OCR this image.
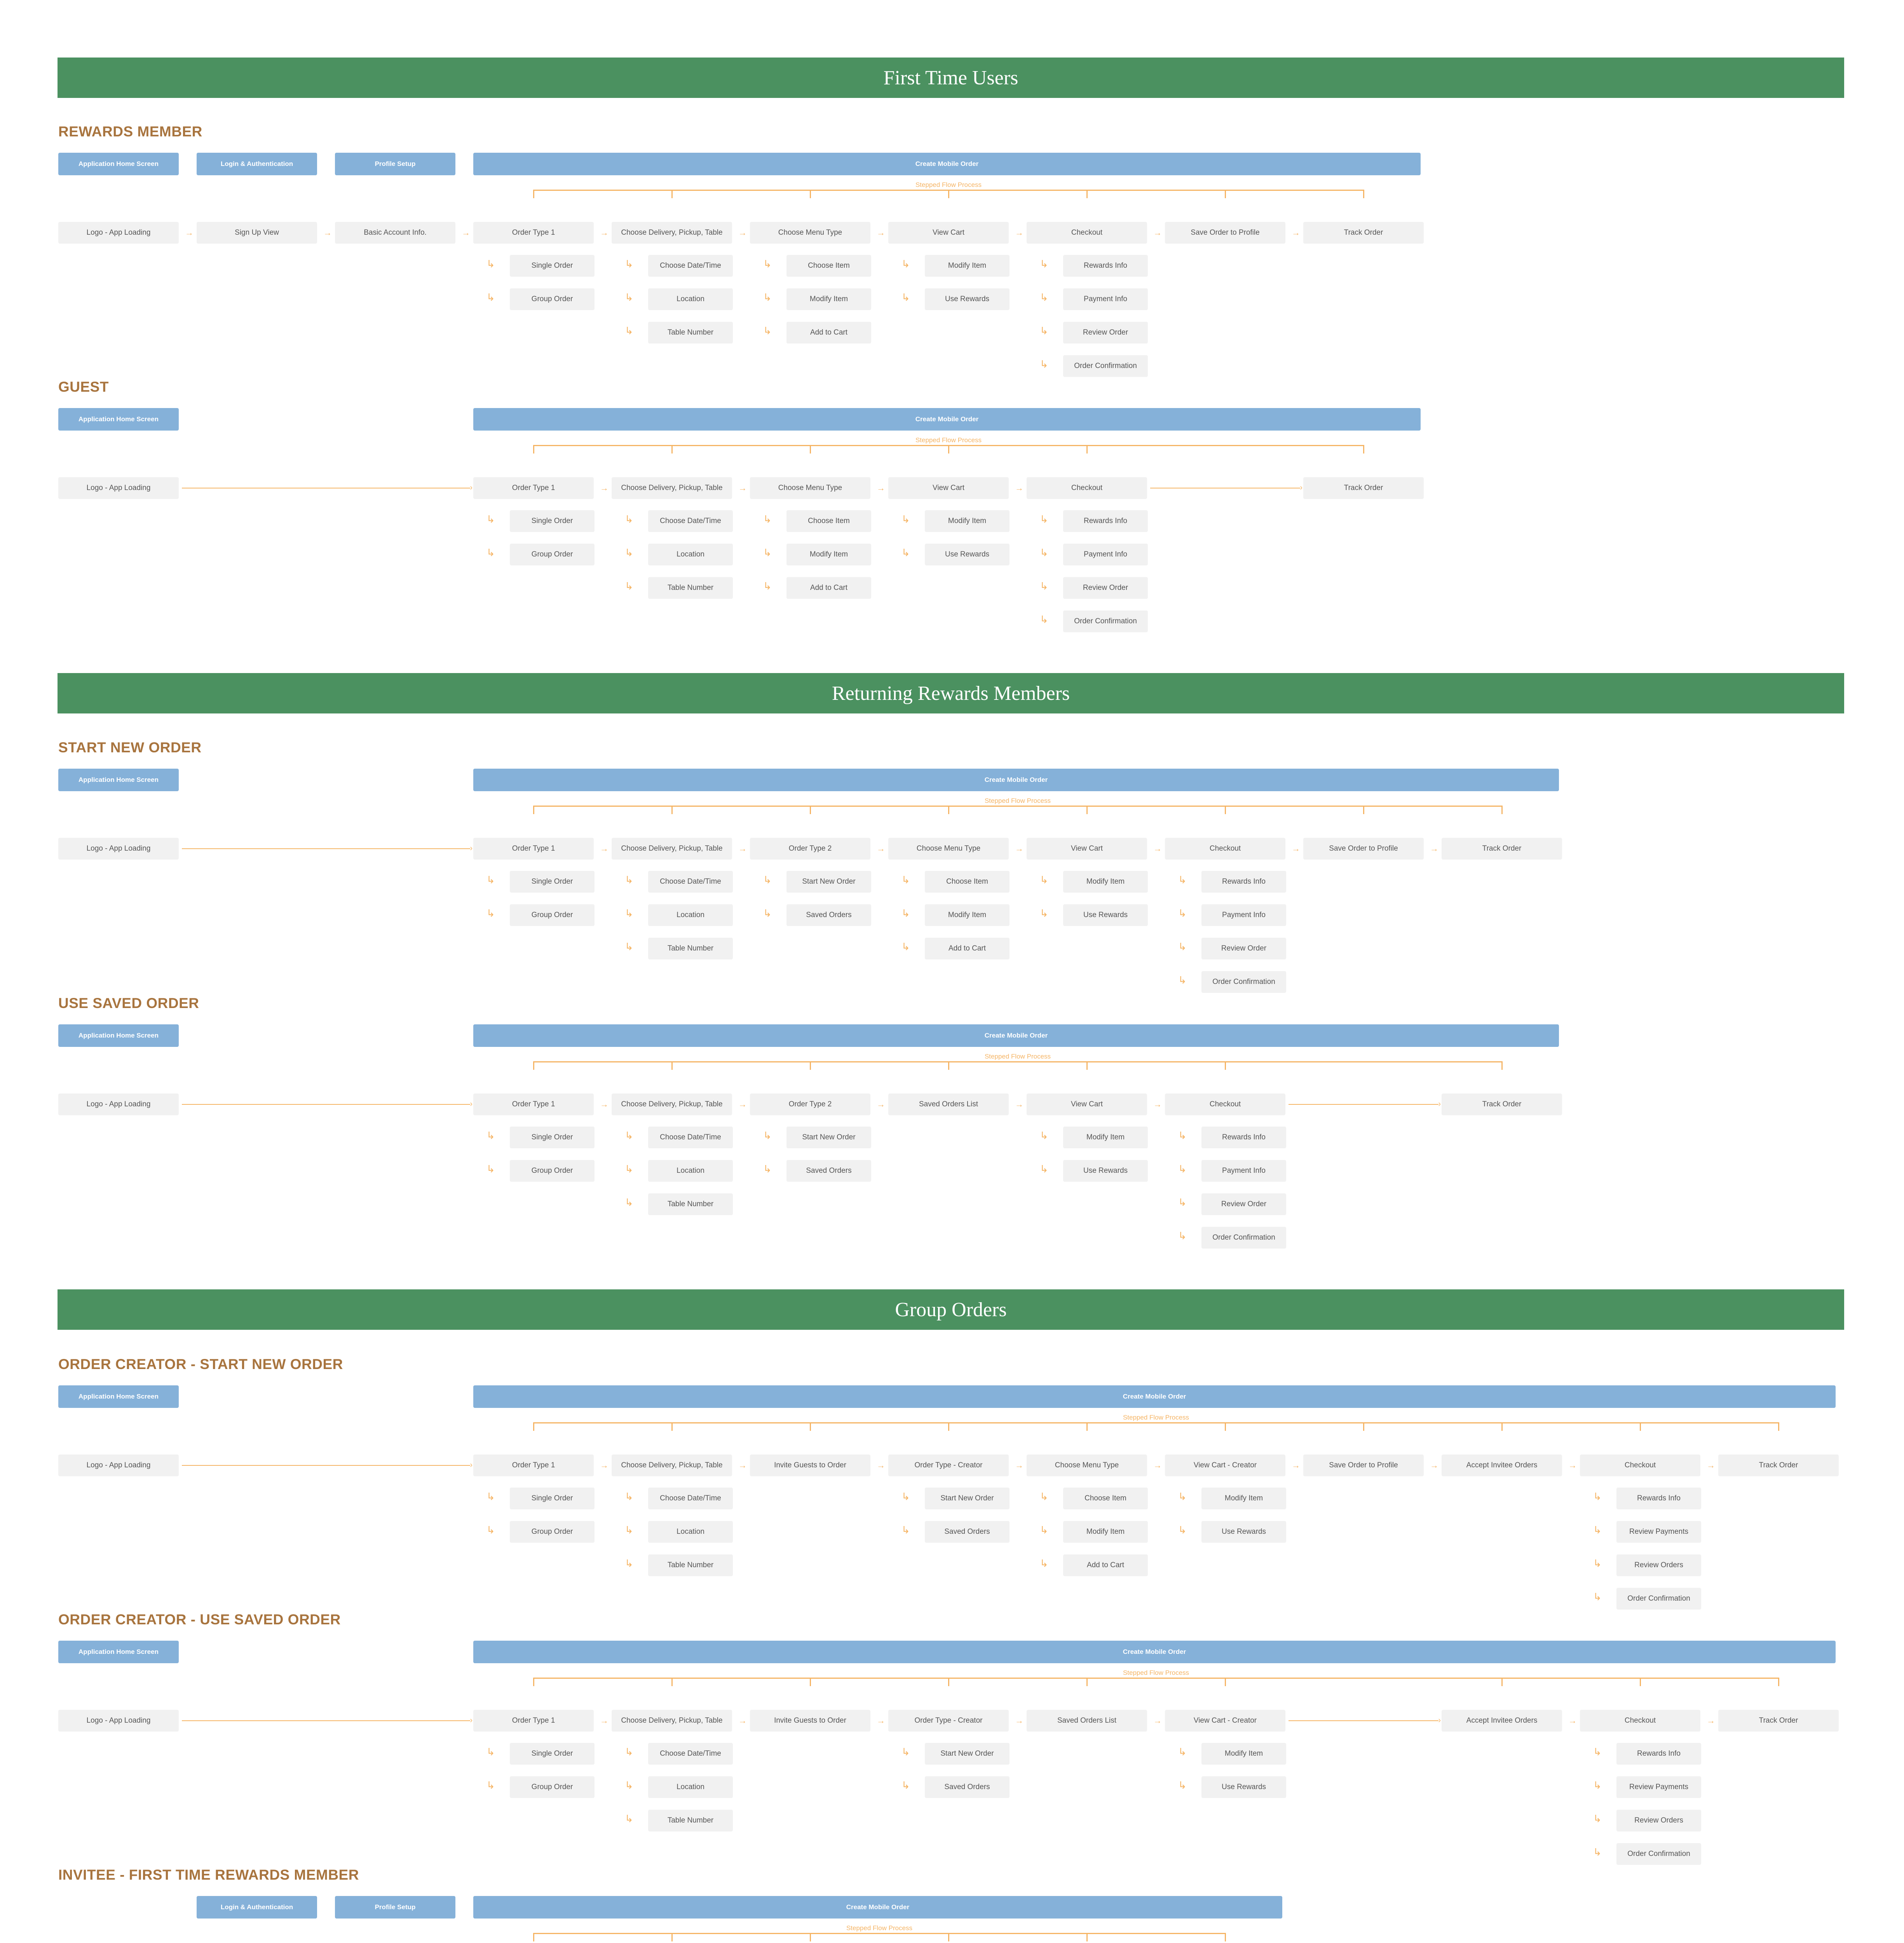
First Time Users
REWARDS MEMBER
Application Home Screen	Login & Authentication	Profile Setup	Create Mobile Order
Stepped Flow Process
Logo - App Loading	→	Sign Up View	→	Basic Account Info.	→	Order Type 1	→	Choose Delivery, Pickup, Table	→	Choose Menu Type	→	View Cart	→	Checkout	→	Save Order to Profile	→	Track Order
↳	Single Order
↳	Group Order
↳	Choose Date/Time
↳	Location
↳	Table Number
↳	Choose Item
↳	Modify Item
↳	Add to Cart
↳	Modify Item
↳	Use Rewards
↳	Rewards Info
↳	Payment Info
↳	Review Order
↳	Order Confirmation
GUEST
Application Home Screen	Create Mobile Order
Stepped Flow Process
Logo - App Loading	›	Order Type 1	→	Choose Delivery, Pickup, Table	→	Choose Menu Type	→	View Cart	→	Checkout	›	Track Order
↳	Single Order
↳	Group Order
↳	Choose Date/Time
↳	Location
↳	Table Number
↳	Choose Item
↳	Modify Item
↳	Add to Cart
↳	Modify Item
↳	Use Rewards
↳	Rewards Info
↳	Payment Info
↳	Review Order
↳	Order Confirmation
Returning Rewards Members
START NEW ORDER
Application Home Screen	Create Mobile Order
Stepped Flow Process
Logo - App Loading	›	Order Type 1	→	Choose Delivery, Pickup, Table	→	Order Type 2	→	Choose Menu Type	→	View Cart	→	Checkout	→	Save Order to Profile	→	Track Order
↳	Single Order
↳	Group Order
↳	Choose Date/Time
↳	Location
↳	Table Number
↳	Start New Order
↳	Saved Orders
↳	Choose Item
↳	Modify Item
↳	Add to Cart
↳	Modify Item
↳	Use Rewards
↳	Rewards Info
↳	Payment Info
↳	Review Order
↳	Order Confirmation
USE SAVED ORDER
Application Home Screen	Create Mobile Order
Stepped Flow Process
Logo - App Loading	›	Order Type 1	→	Choose Delivery, Pickup, Table	→	Order Type 2	→	Saved Orders List	→	View Cart	→	Checkout	›	Track Order
↳	Single Order
↳	Group Order
↳	Choose Date/Time
↳	Location
↳	Table Number
↳	Start New Order
↳	Saved Orders
↳	Modify Item
↳	Use Rewards
↳	Rewards Info
↳	Payment Info
↳	Review Order
↳	Order Confirmation
Group Orders
ORDER CREATOR - START NEW ORDER
Application Home Screen	Create Mobile Order
Stepped Flow Process
Logo - App Loading	›	Order Type 1	→	Choose Delivery, Pickup, Table	→	Invite Guests to Order	→	Order Type - Creator	→	Choose Menu Type	→	View Cart - Creator	→	Save Order to Profile	→	Accept Invitee Orders	→	Checkout	→	Track Order
↳	Single Order
↳	Group Order
↳	Choose Date/Time
↳	Location
↳	Table Number
↳	Start New Order
↳	Saved Orders
↳	Choose Item
↳	Modify Item
↳	Add to Cart
↳	Modify Item
↳	Use Rewards
↳	Rewards Info
↳	Review Payments
↳	Review Orders
↳	Order Confirmation
ORDER CREATOR - USE SAVED ORDER
Application Home Screen	Create Mobile Order
Stepped Flow Process
Logo - App Loading	›	Order Type 1	→	Choose Delivery, Pickup, Table	→	Invite Guests to Order	→	Order Type - Creator	→	Saved Orders List	→	View Cart - Creator	›	Accept Invitee Orders	→	Checkout	→	Track Order
↳	Single Order
↳	Group Order
↳	Choose Date/Time
↳	Location
↳	Table Number
↳	Start New Order
↳	Saved Orders
↳	Modify Item
↳	Use Rewards
↳	Rewards Info
↳	Review Payments
↳	Review Orders
↳	Order Confirmation
INVITEE - FIRST TIME REWARDS MEMBER
Login & Authentication	Profile Setup	Create Mobile Order
Stepped Flow Process
